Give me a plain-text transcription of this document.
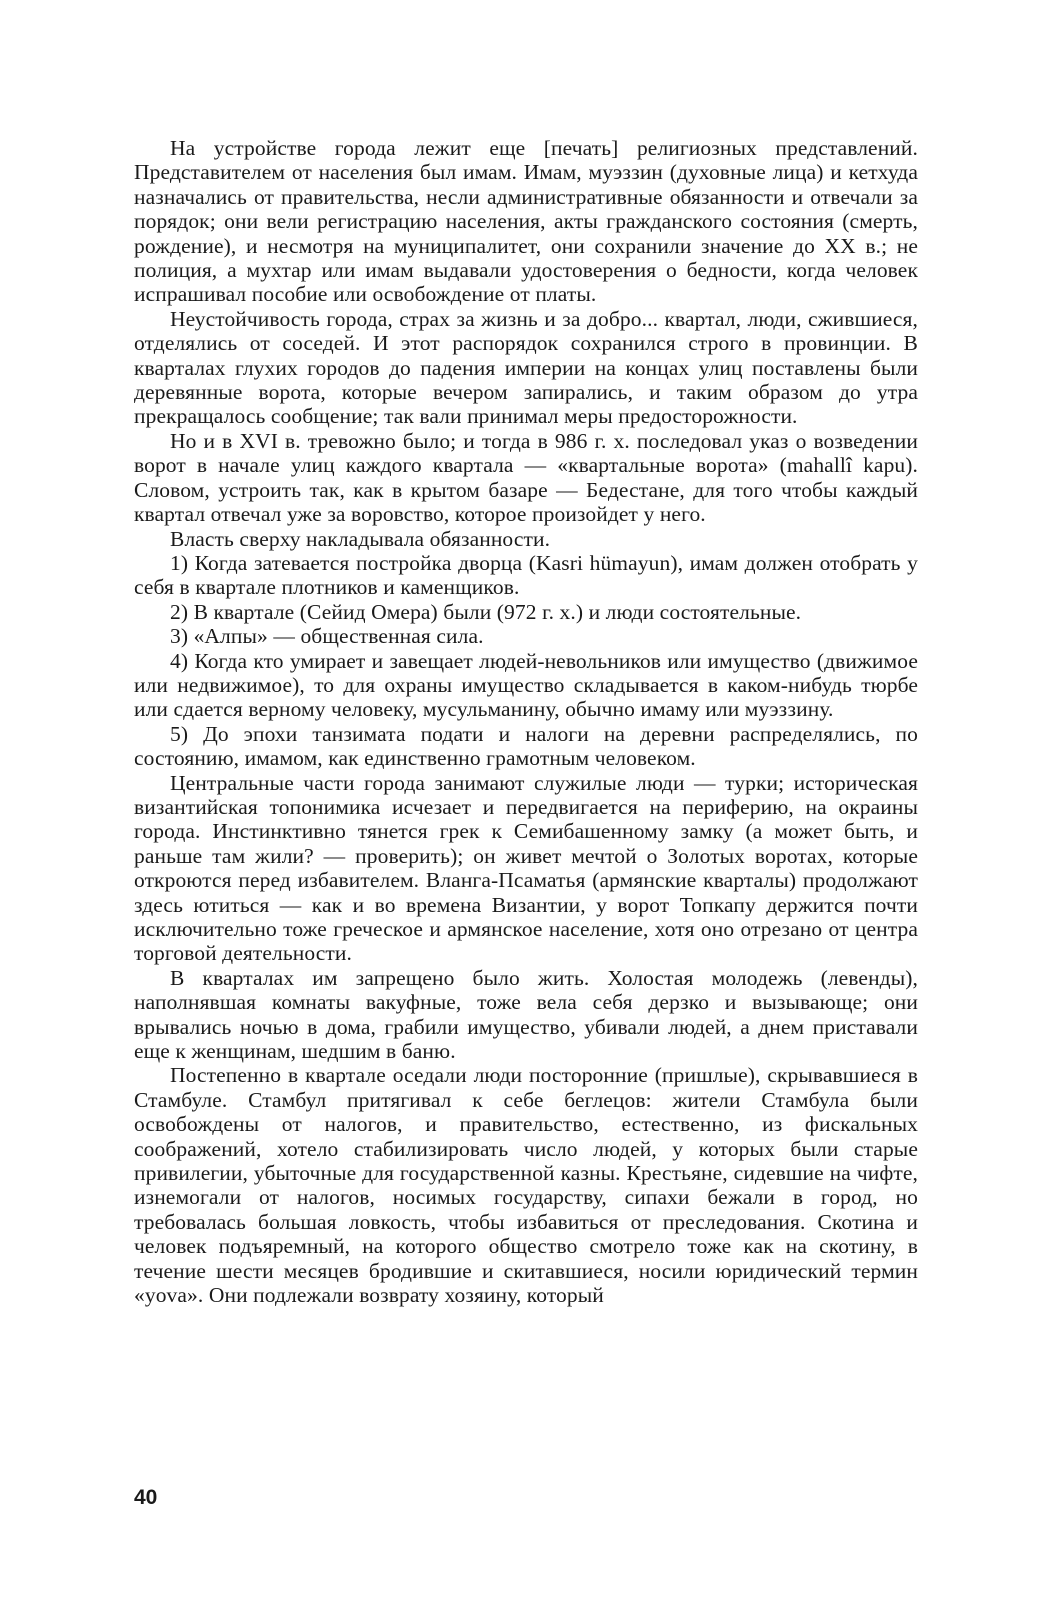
На устройстве города лежит еще [печать] религиозных представлений. Представителем от населения был имам. Имам, муэззин (духовные лица) и кетхуда назначались от правительства, несли административные обязанности и отвечали за порядок; они вели регистрацию населения, акты гражданского состояния (смерть, рождение), и несмотря на муниципалитет, они сохранили значение до XX в.; не полиция, а мухтар или имам выдавали удостоверения о бедности, когда человек испрашивал пособие или освобождение от платы.

Неустойчивость города, страх за жизнь и за добро... квартал, люди, сжившиеся, отделялись от соседей. И этот распорядок сохранился строго в провинции. В кварталах глухих городов до падения империи на концах улиц поставлены были деревянные ворота, которые вечером запирались, и таким образом до утра прекращалось сообщение; так вали принимал меры предосторожности.

Но и в XVI в. тревожно было; и тогда в 986 г. х. последовал указ о возведении ворот в начале улиц каждого квартала — «квартальные ворота» (mahallî kapu). Словом, устроить так, как в крытом базаре — Бедестане, для того чтобы каждый квартал отвечал уже за воровство, которое произойдет у него.

Власть сверху накладывала обязанности.

1) Когда затевается постройка дворца (Kasri hümayun), имам должен отобрать у себя в квартале плотников и каменщиков.

2) В квартале (Сейид Омера) были (972 г. х.) и люди состоятельные.

3) «Алпы» — общественная сила.

4) Когда кто умирает и завещает людей-невольников или имущество (движимое или недвижимое), то для охраны имущество складывается в каком-нибудь тюрбе или сдается верному человеку, мусульманину, обычно имаму или муэззину.

5) До эпохи танзимата подати и налоги на деревни распределялись, по состоянию, имамом, как единственно грамотным человеком.

Центральные части города занимают служилые люди — турки; историческая византийская топонимика исчезает и передвигается на периферию, на окраины города. Инстинктивно тянется грек к Семибашенному замку (а может быть, и раньше там жили? — проверить); он живет мечтой о Золотых воротах, которые откроются перед избавителем. Вланга-Псаматья (армянские кварталы) продолжают здесь ютиться — как и во времена Византии, у ворот Топкапу держится почти исключительно тоже греческое и армянское население, хотя оно отрезано от центра торговой деятельности.

В кварталах им запрещено было жить. Холостая молодежь (левенды), наполнявшая комнаты вакуфные, тоже вела себя дерзко и вызывающе; они врывались ночью в дома, грабили имущество, убивали людей, а днем приставали еще к женщинам, шедшим в баню.

Постепенно в квартале оседали люди посторонние (пришлые), скрывавшиеся в Стамбуле. Стамбул притягивал к себе беглецов: жители Стамбула были освобождены от налогов, и правительство, естественно, из фискальных соображений, хотело стабилизировать число людей, у которых были старые привилегии, убыточные для государственной казны. Крестьяне, сидевшие на чифте, изнемогали от налогов, носимых государству, сипахи бежали в город, но требовалась большая ловкость, чтобы избавиться от преследования. Скотина и человек подъяремный, на которого общество смотрело тоже как на скотину, в течение шести месяцев бродившие и скитавшиеся, носили юридический термин «yova». Они подлежали возврату хозяину, который

40
